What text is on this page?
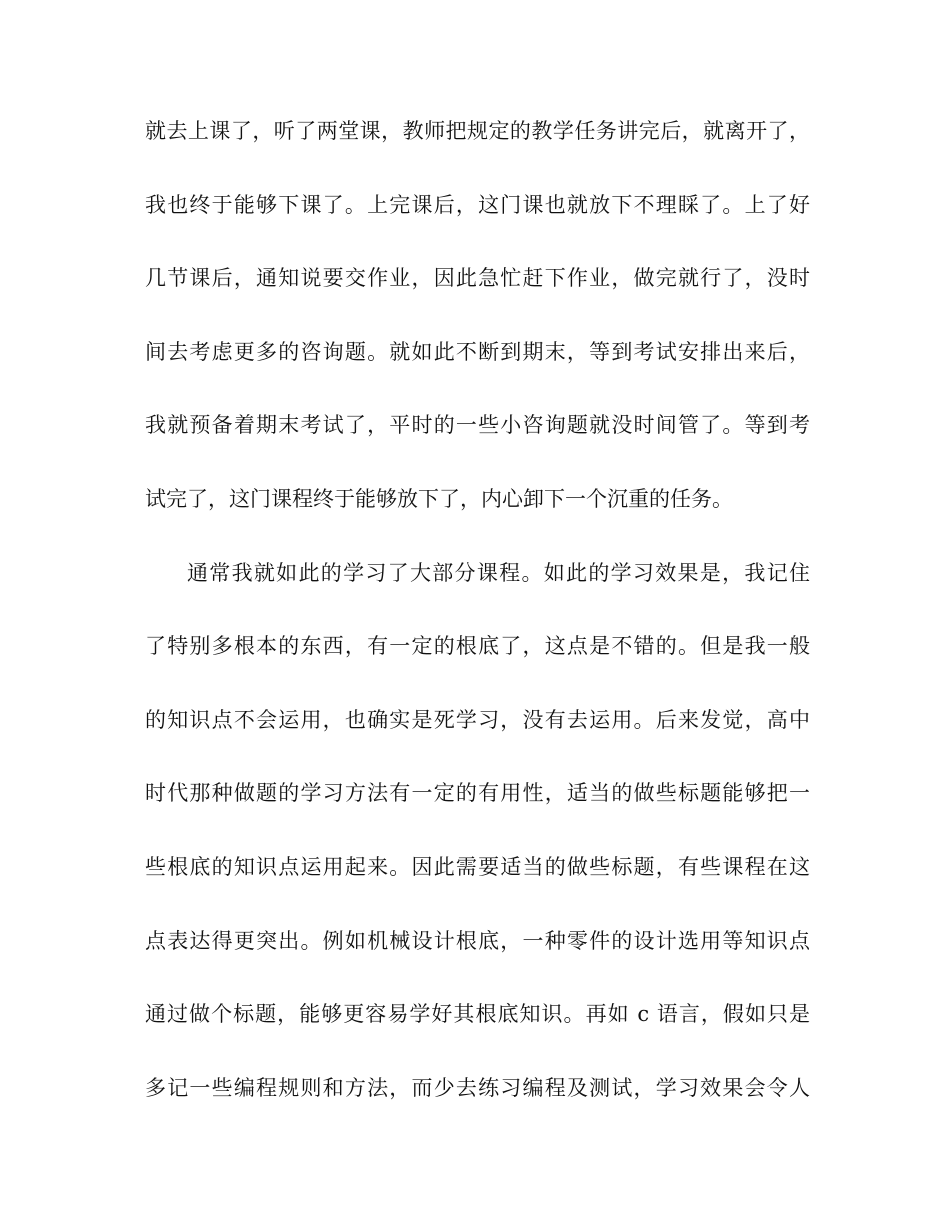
就去上课了，听了两堂课，教师把规定的教学任务讲完后，就离开了，
我也终于能够下课了。上完课后，这门课也就放下不理睬了。上了好
几节课后，通知说要交作业，因此急忙赶下作业，做完就行了，没时
间去考虑更多的咨询题。就如此不断到期末，等到考试安排出来后，
我就预备着期末考试了，平时的一些小咨询题就没时间管了。等到考
试完了，这门课程终于能够放下了，内心卸下一个沉重的任务。
通常我就如此的学习了大部分课程。如此的学习效果是，我记住
了特别多根本的东西，有一定的根底了，这点是不错的。但是我一般
的知识点不会运用，也确实是死学习，没有去运用。后来发觉，高中
时代那种做题的学习方法有一定的有用性，适当的做些标题能够把一
些根底的知识点运用起来。因此需要适当的做些标题，有些课程在这
点表达得更突出。例如机械设计根底，一种零件的设计选用等知识点
通过做个标题，能够更容易学好其根底知识。再如 c 语言，假如只是
多记一些编程规则和方法，而少去练习编程及测试，学习效果会令人
